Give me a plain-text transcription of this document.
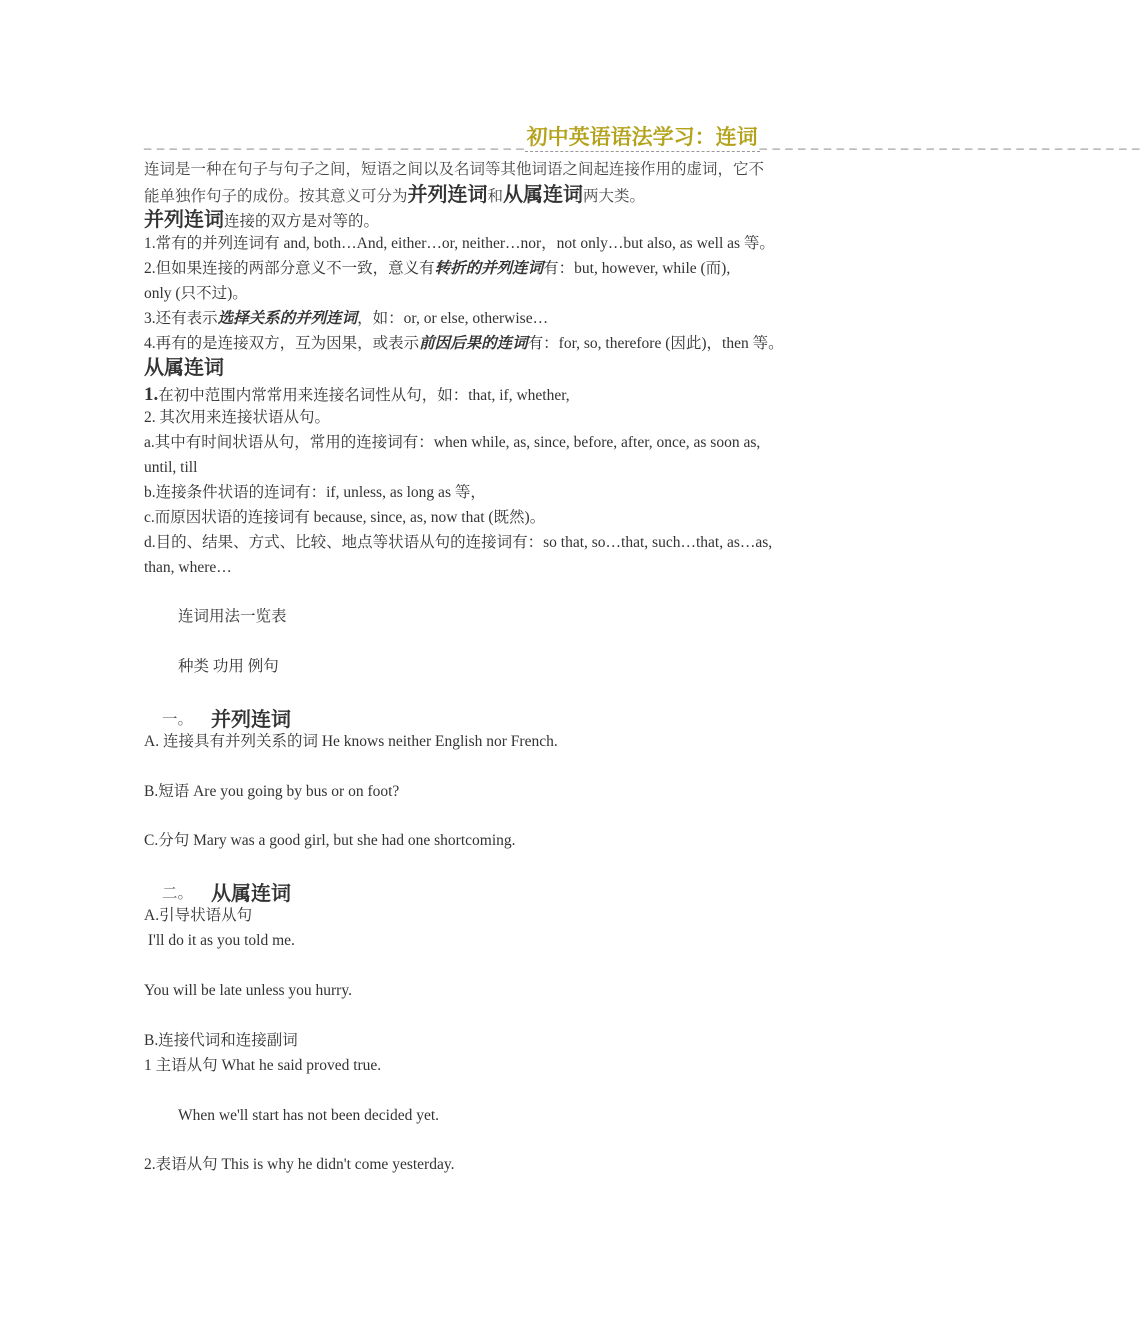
_ _ _ _ _ _ _ _ _ _ _ _ _ _ _ _ _ _ _ _ _ _ _ _ _ _ _ _ _ _ 初中英语语法学习：连词 _ _ _ _ _ _ _ _ _ _ _ _ _ _ _ _ _ _ _ _ _ _ _ _ _ _ _ _ _ _
连词是一种在句子与句子之间，短语之间以及名词等其他词语之间起连接作用的虚词，它不
能单独作句子的成份。按其意义可分为并列连词和从属连词两大类。
并列连词连接的双方是对等的。
1.常有的并列连词有 and, both…And, either…or, neither…nor，not only…but also, as well as 等。
2.但如果连接的两部分意义不一致，意义有转折的并列连词有：but, however, while (而),
only (只不过)。
3.还有表示选择关系的并列连词，如：or, or else, otherwise…
4.再有的是连接双方，互为因果，或表示前因后果的连词有：for, so, therefore (因此)，then 等。
从属连词
1.在初中范围内常常用来连接名词性从句，如：that, if, whether,
2. 其次用来连接状语从句。
a.其中有时间状语从句，常用的连接词有：when while, as, since, before, after, once, as soon as,
until, till
b.连接条件状语的连词有：if, unless, as long as 等，
c.而原因状语的连接词有 because, since, as, now that (既然)。
d.目的、结果、方式、比较、地点等状语从句的连接词有：so that, so…that, such…that, as…as,
than, where…
连词用法一览表
种类 功用 例句
一。 并列连词
A. 连接具有并列关系的词 He knows neither English nor French.
B.短语 Are you going by bus or on foot?
C.分句 Mary was a good girl, but she had one shortcoming.
二。 从属连词
A.引导状语从句
I'll do it as you told me.
You will be late unless you hurry.
B.连接代词和连接副词
1 主语从句 What he said proved true.
When we'll start has not been decided yet.
2.表语从句 This is why he didn't come yesterday.
